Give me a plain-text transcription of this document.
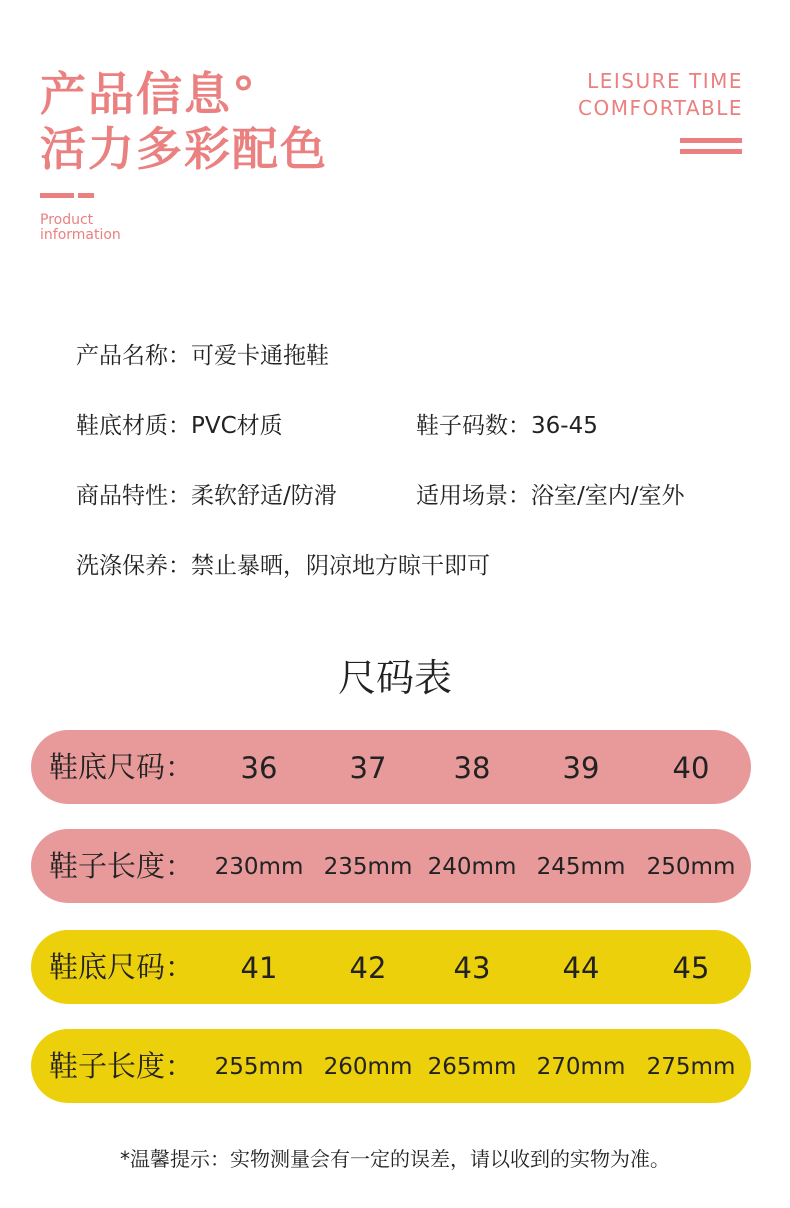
产品信息°
活力多彩配色
Product
information
LEISURE TIME
COMFORTABLE
产品名称：可爱卡通拖鞋
鞋底材质：PVC材质	鞋子码数：36-45
商品特性：柔软舒适/防滑	适用场景：浴室/室内/室外
洗涤保养：禁止暴晒，阴凉地方晾干即可
尺码表
鞋底尺码：	36	37	38	39	40
鞋子长度： 230mm 235mm 240mm 245mm 250mm
鞋底尺码：	41	42	43	44	45
鞋子长度： 255mm 260mm 265mm 270mm 275mm
*温馨提示：实物测量会有一定的误差，请以收到的实物为准。
